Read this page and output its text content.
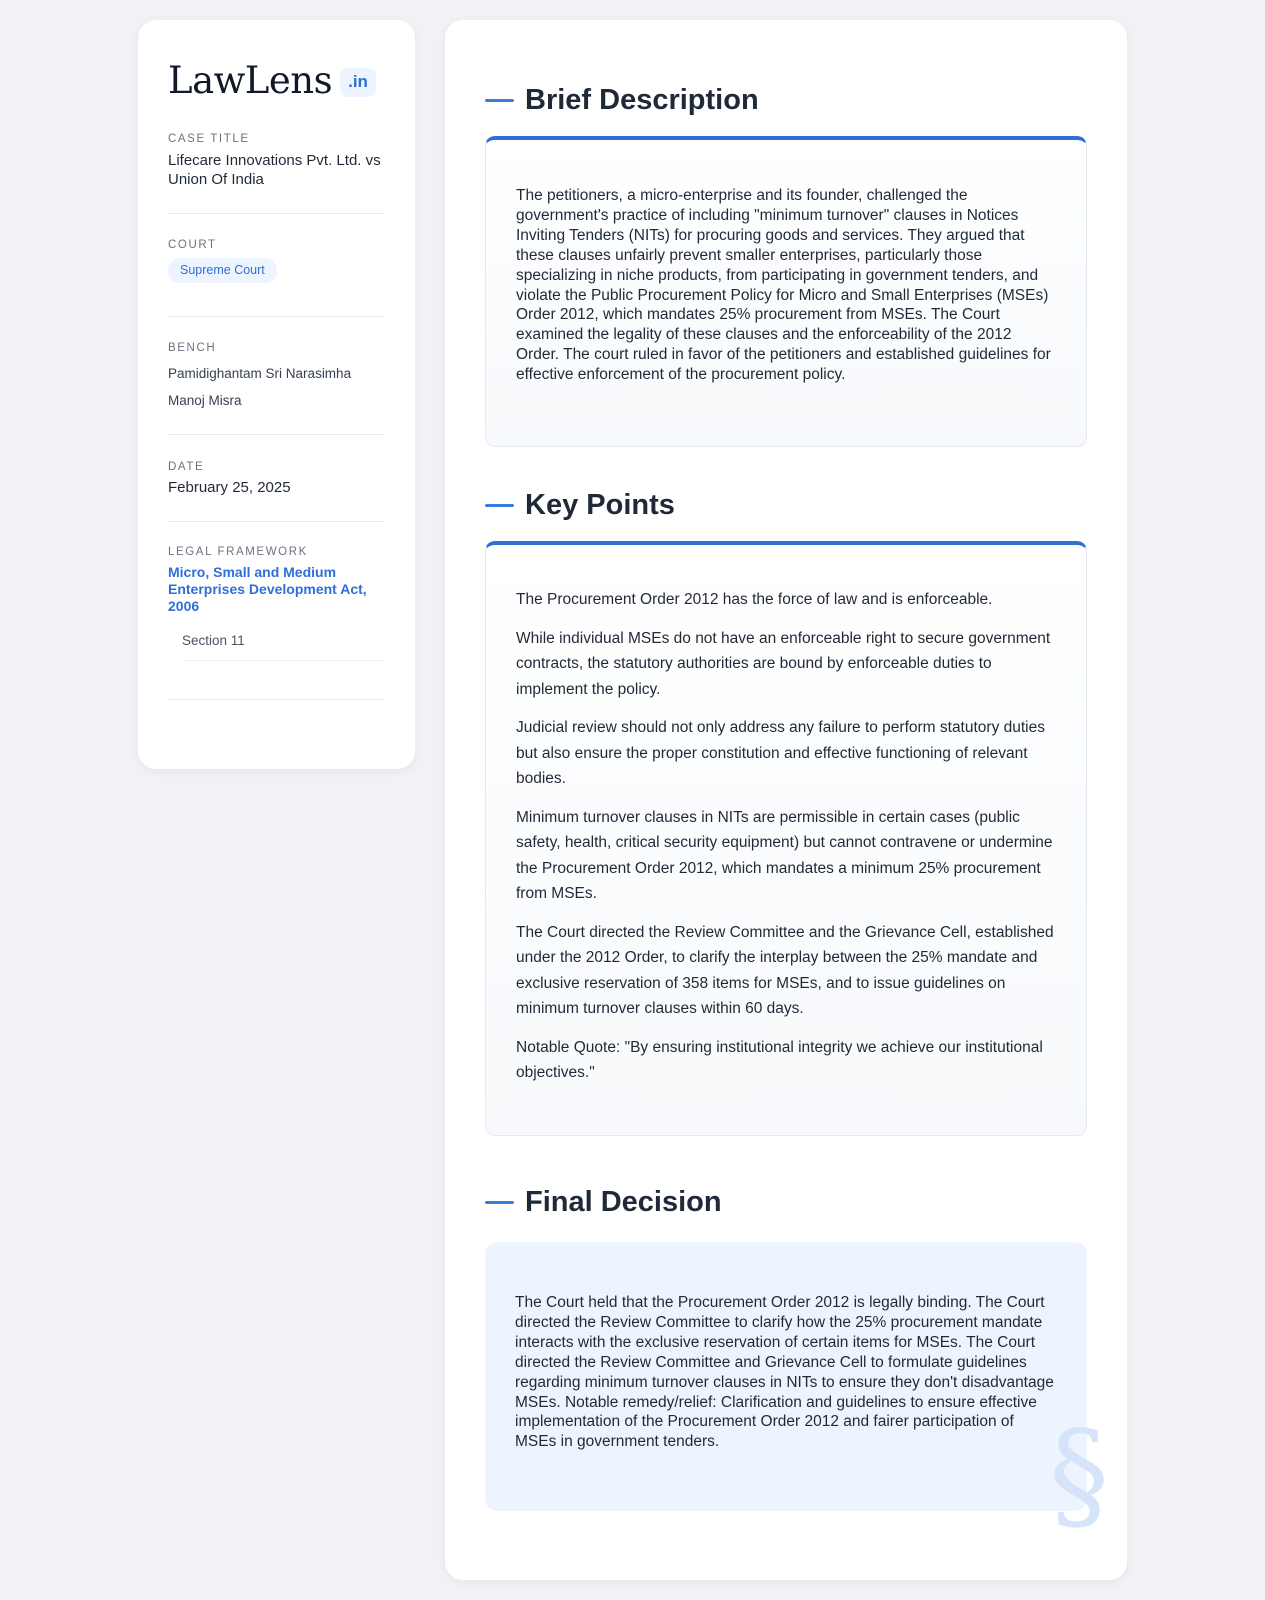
LawLens .in
CASE TITLE
Lifecare Innovations Pvt. Ltd. vs Union Of India
COURT
Supreme Court
BENCH
Pamidighantam Sri Narasimha
Manoj Misra
DATE
February 25, 2025
LEGAL FRAMEWORK
Micro, Small and Medium Enterprises Development Act, 2006
Section 11
Brief Description

The petitioners, a micro-enterprise and its founder, challenged the government's practice of including "minimum turnover" clauses in Notices Inviting Tenders (NITs) for procuring goods and services. They argued that these clauses unfairly prevent smaller enterprises, particularly those specializing in niche products, from participating in government tenders, and violate the Public Procurement Policy for Micro and Small Enterprises (MSEs) Order 2012, which mandates 25% procurement from MSEs. The Court examined the legality of these clauses and the enforceability of the 2012 Order. The court ruled in favor of the petitioners and established guidelines for effective enforcement of the procurement policy.

Key Points

The Procurement Order 2012 has the force of law and is enforceable.

While individual MSEs do not have an enforceable right to secure government contracts, the statutory authorities are bound by enforceable duties to implement the policy.

Judicial review should not only address any failure to perform statutory duties but also ensure the proper constitution and effective functioning of relevant bodies.

Minimum turnover clauses in NITs are permissible in certain cases (public safety, health, critical security equipment) but cannot contravene or undermine the Procurement Order 2012, which mandates a minimum 25% procurement from MSEs.

The Court directed the Review Committee and the Grievance Cell, established under the 2012 Order, to clarify the interplay between the 25% mandate and exclusive reservation of 358 items for MSEs, and to issue guidelines on minimum turnover clauses within 60 days.

Notable Quote: "By ensuring institutional integrity we achieve our institutional objectives."

Final Decision

The Court held that the Procurement Order 2012 is legally binding. The Court directed the Review Committee to clarify how the 25% procurement mandate interacts with the exclusive reservation of certain items for MSEs. The Court directed the Review Committee and Grievance Cell to formulate guidelines regarding minimum turnover clauses in NITs to ensure they don't disadvantage MSEs. Notable remedy/relief: Clarification and guidelines to ensure effective implementation of the Procurement Order 2012 and fairer participation of MSEs in government tenders.	§
